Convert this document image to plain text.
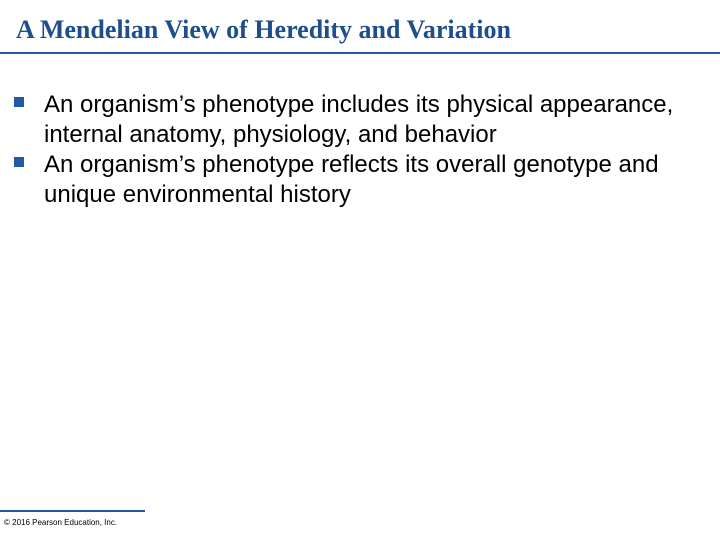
A Mendelian View of Heredity and Variation
An organism’s phenotype includes its physical appearance, internal anatomy, physiology, and behavior
An organism’s phenotype reflects its overall genotype and unique environmental history
© 2016 Pearson Education, Inc.
